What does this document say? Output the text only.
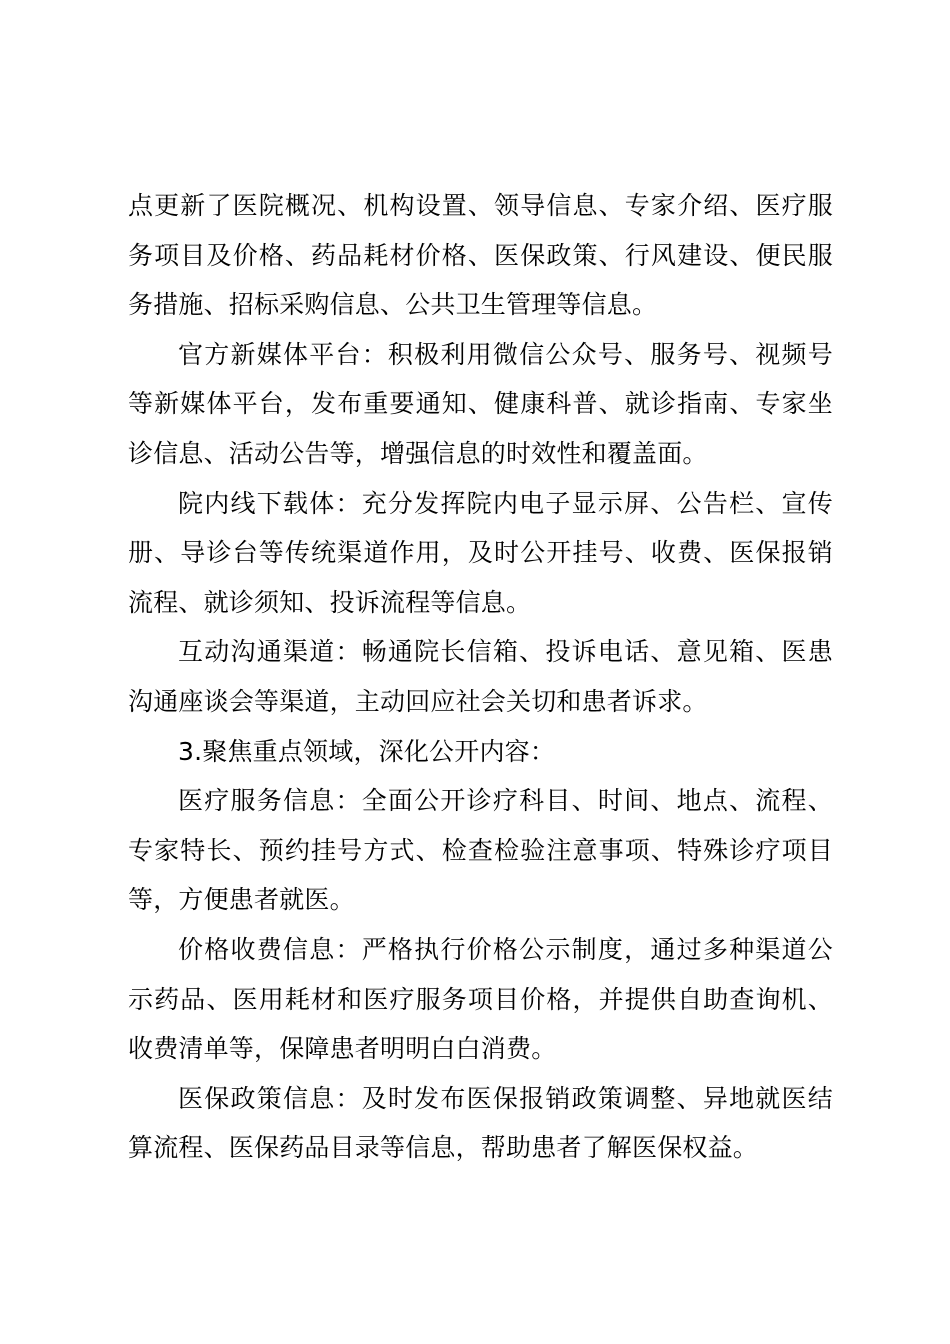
点更新了医院概况、机构设置、领导信息、专家介绍、医疗服务项目及价格、药品耗材价格、医保政策、行风建设、便民服务措施、招标采购信息、公共卫生管理等信息。

官方新媒体平台：积极利用微信公众号、服务号、视频号等新媒体平台，发布重要通知、健康科普、就诊指南、专家坐诊信息、活动公告等，增强信息的时效性和覆盖面。

院内线下载体：充分发挥院内电子显示屏、公告栏、宣传册、导诊台等传统渠道作用，及时公开挂号、收费、医保报销流程、就诊须知、投诉流程等信息。

互动沟通渠道：畅通院长信箱、投诉电话、意见箱、医患沟通座谈会等渠道，主动回应社会关切和患者诉求。

3.聚焦重点领域，深化公开内容：

医疗服务信息：全面公开诊疗科目、时间、地点、流程、专家特长、预约挂号方式、检查检验注意事项、特殊诊疗项目等，方便患者就医。

价格收费信息：严格执行价格公示制度，通过多种渠道公示药品、医用耗材和医疗服务项目价格，并提供自助查询机、收费清单等，保障患者明明白白消费。

医保政策信息：及时发布医保报销政策调整、异地就医结算流程、医保药品目录等信息，帮助患者了解医保权益。
